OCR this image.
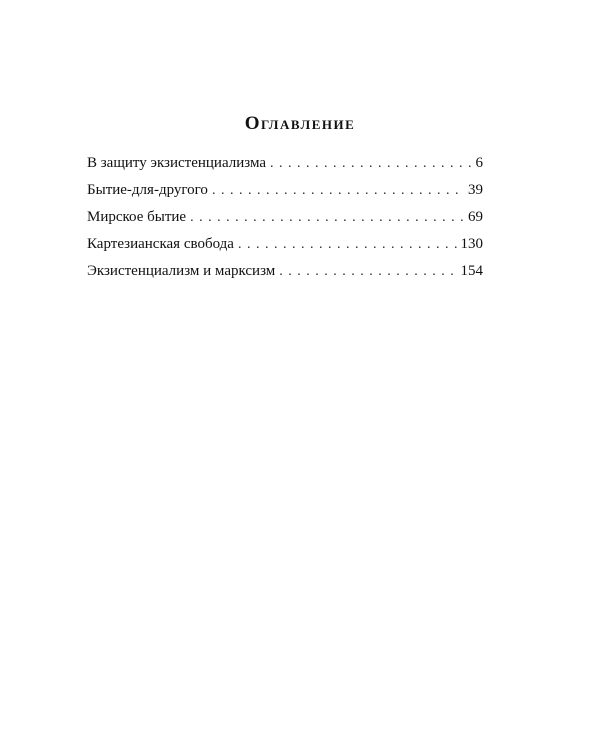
Оглавление
В защиту экзистенциализма . . .	6
Бытие-для-другого . . .	39
Мирское бытие . . .	69
Картезианская свобода . . .	130
Экзистенциализм и марксизм . . .	154
